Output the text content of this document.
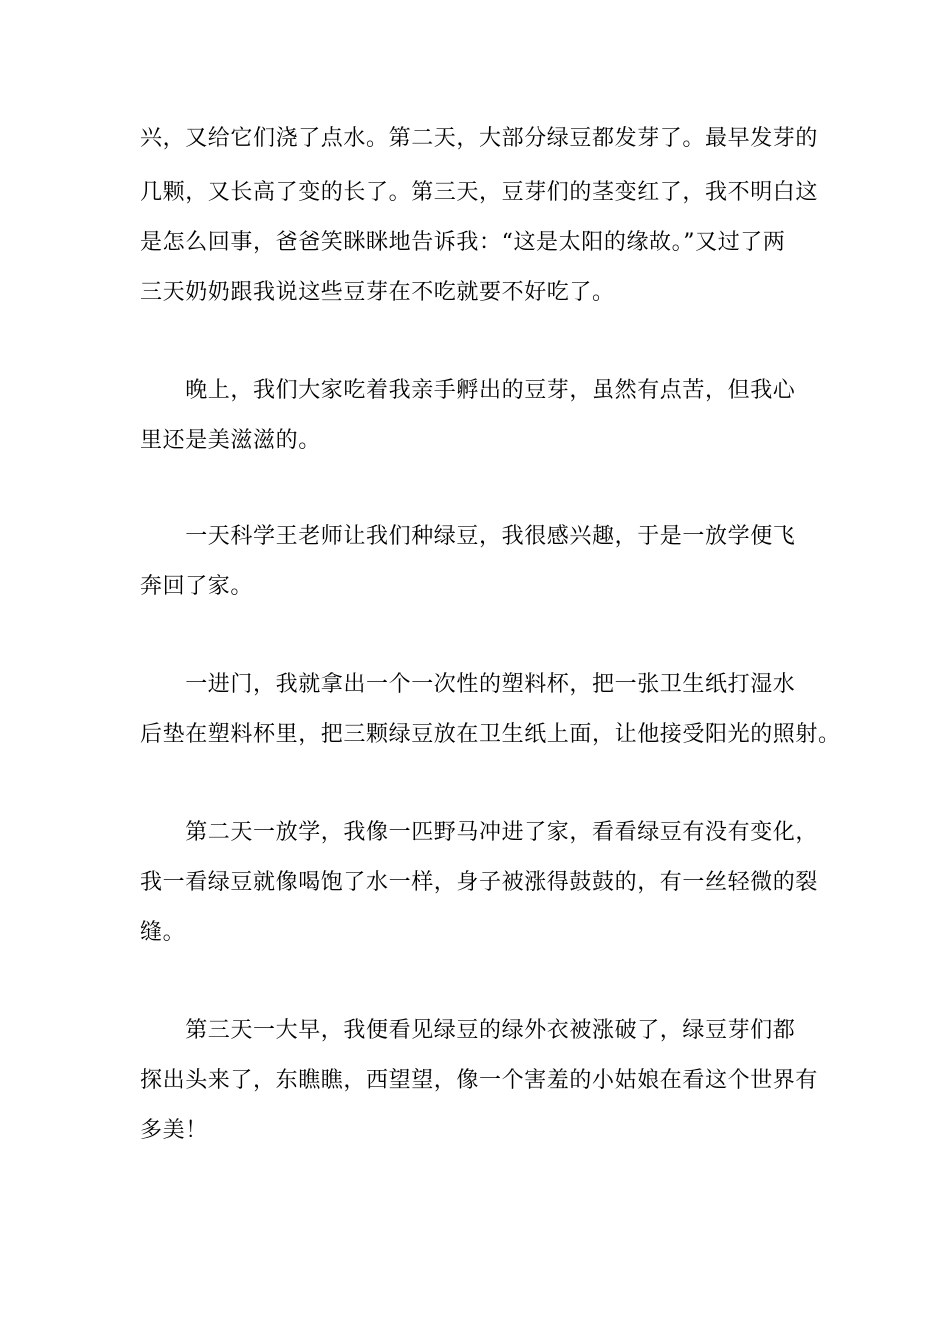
兴，又给它们浇了点水。第二天，大部分绿豆都发芽了。最早发芽的
几颗，又长高了变的长了。第三天，豆芽们的茎变红了，我不明白这
是怎么回事，爸爸笑眯眯地告诉我：“这是太阳的缘故。”又过了两
三天奶奶跟我说这些豆芽在不吃就要不好吃了。
　　晚上，我们大家吃着我亲手孵出的豆芽，虽然有点苦，但我心
里还是美滋滋的。
　　一天科学王老师让我们种绿豆，我很感兴趣，于是一放学便飞
奔回了家。
　　一进门，我就拿出一个一次性的塑料杯，把一张卫生纸打湿水
后垫在塑料杯里，把三颗绿豆放在卫生纸上面，让他接受阳光的照射。
　　第二天一放学，我像一匹野马冲进了家，看看绿豆有没有变化，
我一看绿豆就像喝饱了水一样，身子被涨得鼓鼓的，有一丝轻微的裂
缝。
　　第三天一大早，我便看见绿豆的绿外衣被涨破了，绿豆芽们都
探出头来了，东瞧瞧，西望望，像一个害羞的小姑娘在看这个世界有
多美！
